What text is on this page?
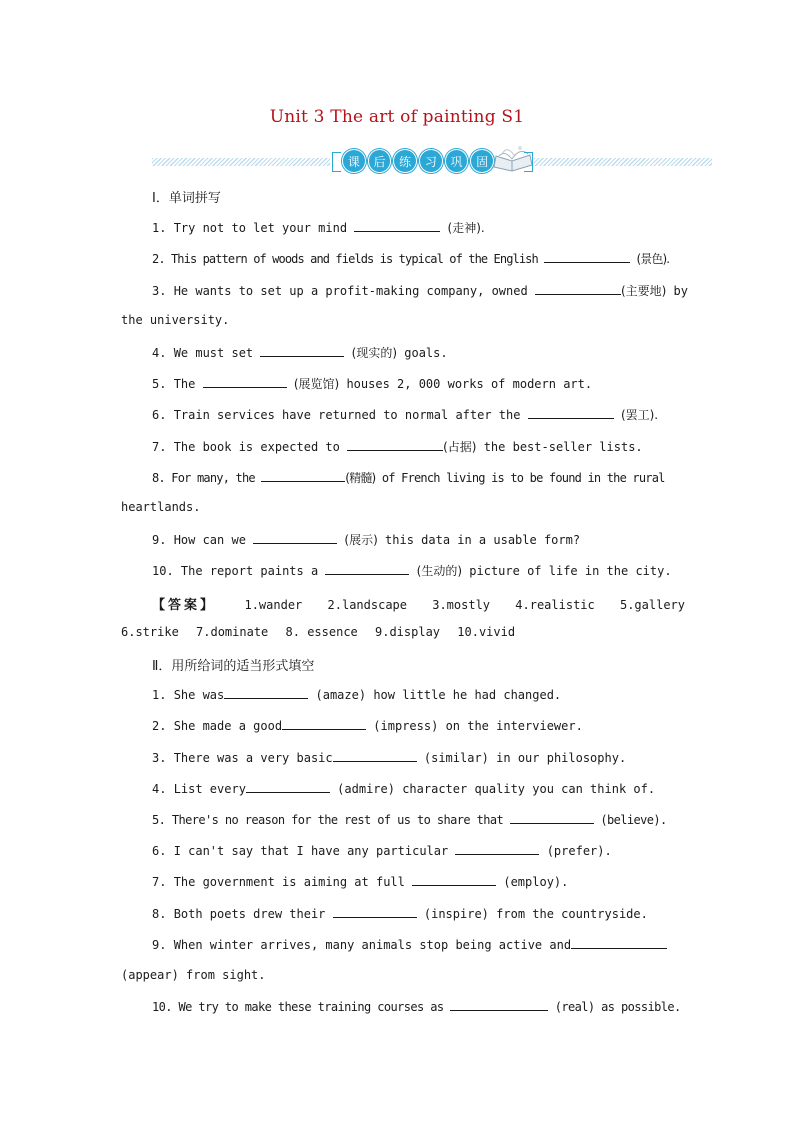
Unit 3 The art of painting S1
课	后	练	习	巩	固
Ⅰ．单词拼写
1. Try not to let your mind	(走神).
2. This pattern of woods and fields is typical of the English	(景色).
3. He wants to set up a profit-making company, owned	(主要地) by
the university.
4. We must set	(现实的) goals.
5. The	(展览馆) houses 2, 000 works of modern art.
6. Train services have returned to normal after the	(罢工).
7. The book is expected to	(占据) the best-seller lists.
8. For many, the	(精髓) of French living is to be found in the rural
heartlands.
9. How can we	(展示) this data in a usable form?
10. The report paints a	(生动的) picture of life in the city.
【答案】 1.wander 2.landscape 3.mostly 4.realistic 5.gallery
6.strike 7.dominate 8. essence 9.display 10.vivid
Ⅱ．用所给词的适当形式填空
1. She was	(amaze) how little he had changed.
2. She made a good	(impress) on the interviewer.
3. There was a very basic	(similar) in our philosophy.
4. List every	(admire) character quality you can think of.
5. There's no reason for the rest of us to share that	(believe).
6. I can't say that I have any particular	(prefer).
7. The government is aiming at full	(employ).
8. Both poets drew their	(inspire) from the countryside.
9. When winter arrives, many animals stop being active and
(appear) from sight.
10. We try to make these training courses as	(real) as possible.
